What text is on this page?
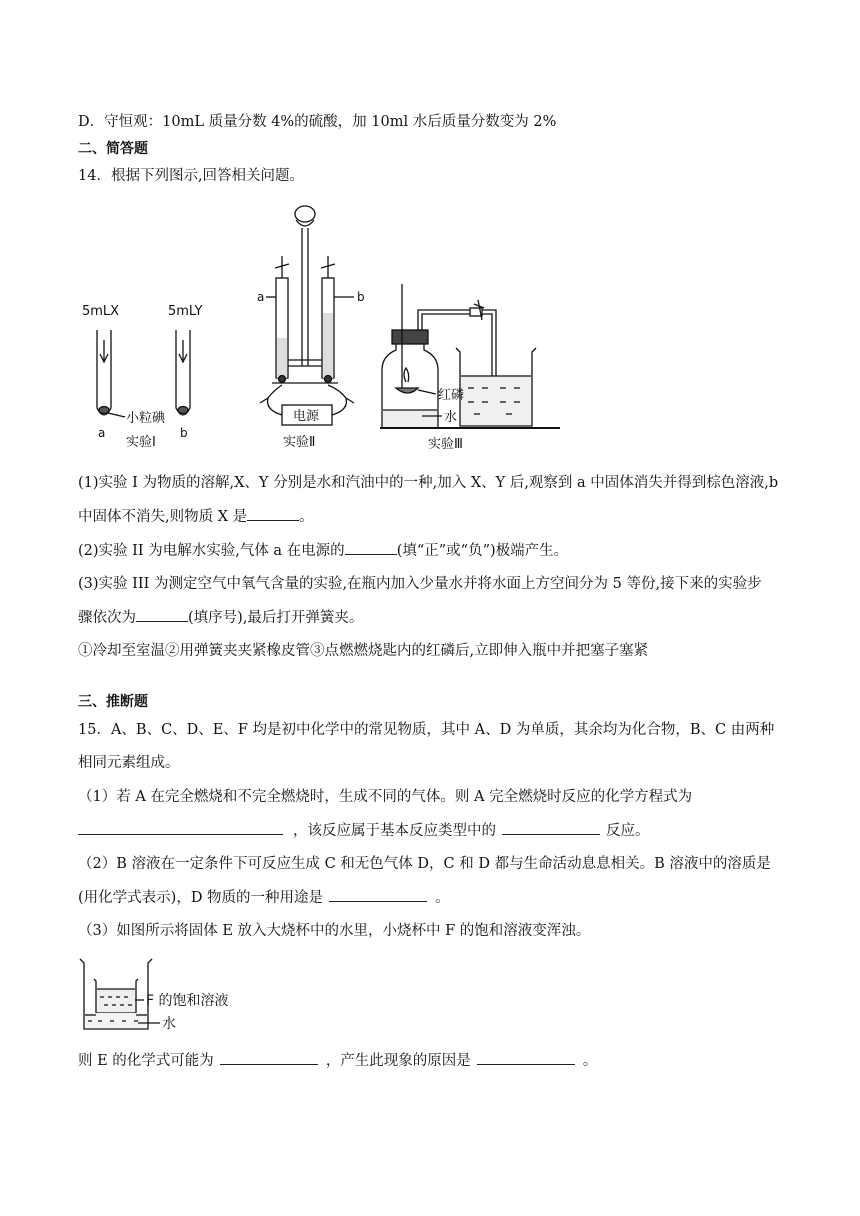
D．守恒观：10mL 质量分数 4%的硫酸，加 10ml 水后质量分数变为 2%
二、简答题
14．根据下列图示,回答相关问题。
5mLX	5mLY
小粒碘
a	b
实验Ⅰ
a	b
电源
实验Ⅱ
红磷
水
实验Ⅲ
(1)实验 I 为物质的溶解,X、Y 分别是水和汽油中的一种,加入 X、Y 后,观察到 a 中固体消失并得到棕色溶液,b
中固体不消失,则物质 X 是	。
(2)实验 II 为电解水实验,气体 a 在电源的	(填“正”或“负”)极端产生。
(3)实验 III 为测定空气中氧气含量的实验,在瓶内加入少量水并将水面上方空间分为 5 等份,接下来的实验步
骤依次为	(填序号),最后打开弹簧夹。
①冷却至室温②用弹簧夹夹紧橡皮管③点燃燃烧匙内的红磷后,立即伸入瓶中并把塞子塞紧
三、推断题
15．A、B、C、D、E、F 均是初中化学中的常见物质，其中 A、D 为单质，其余均为化合物，B、C 由两种
相同元素组成。
（1）若 A 在完全燃烧和不完全燃烧时，生成不同的气体。则 A 完全燃烧时反应的化学方程式为
，该反应属于基本反应类型中的	反应。
（2）B 溶液在一定条件下可反应生成 C 和无色气体 D，C 和 D 都与生命活动息息相关。B 溶液中的溶质是
(用化学式表示)，D 物质的一种用途是	。
（3）如图所示将固体 E 放入大烧杯中的水里，小烧杯中 F 的饱和溶液变浑浊。
F 的饱和溶液
水
则 E 的化学式可能为	，产生此现象的原因是	。
